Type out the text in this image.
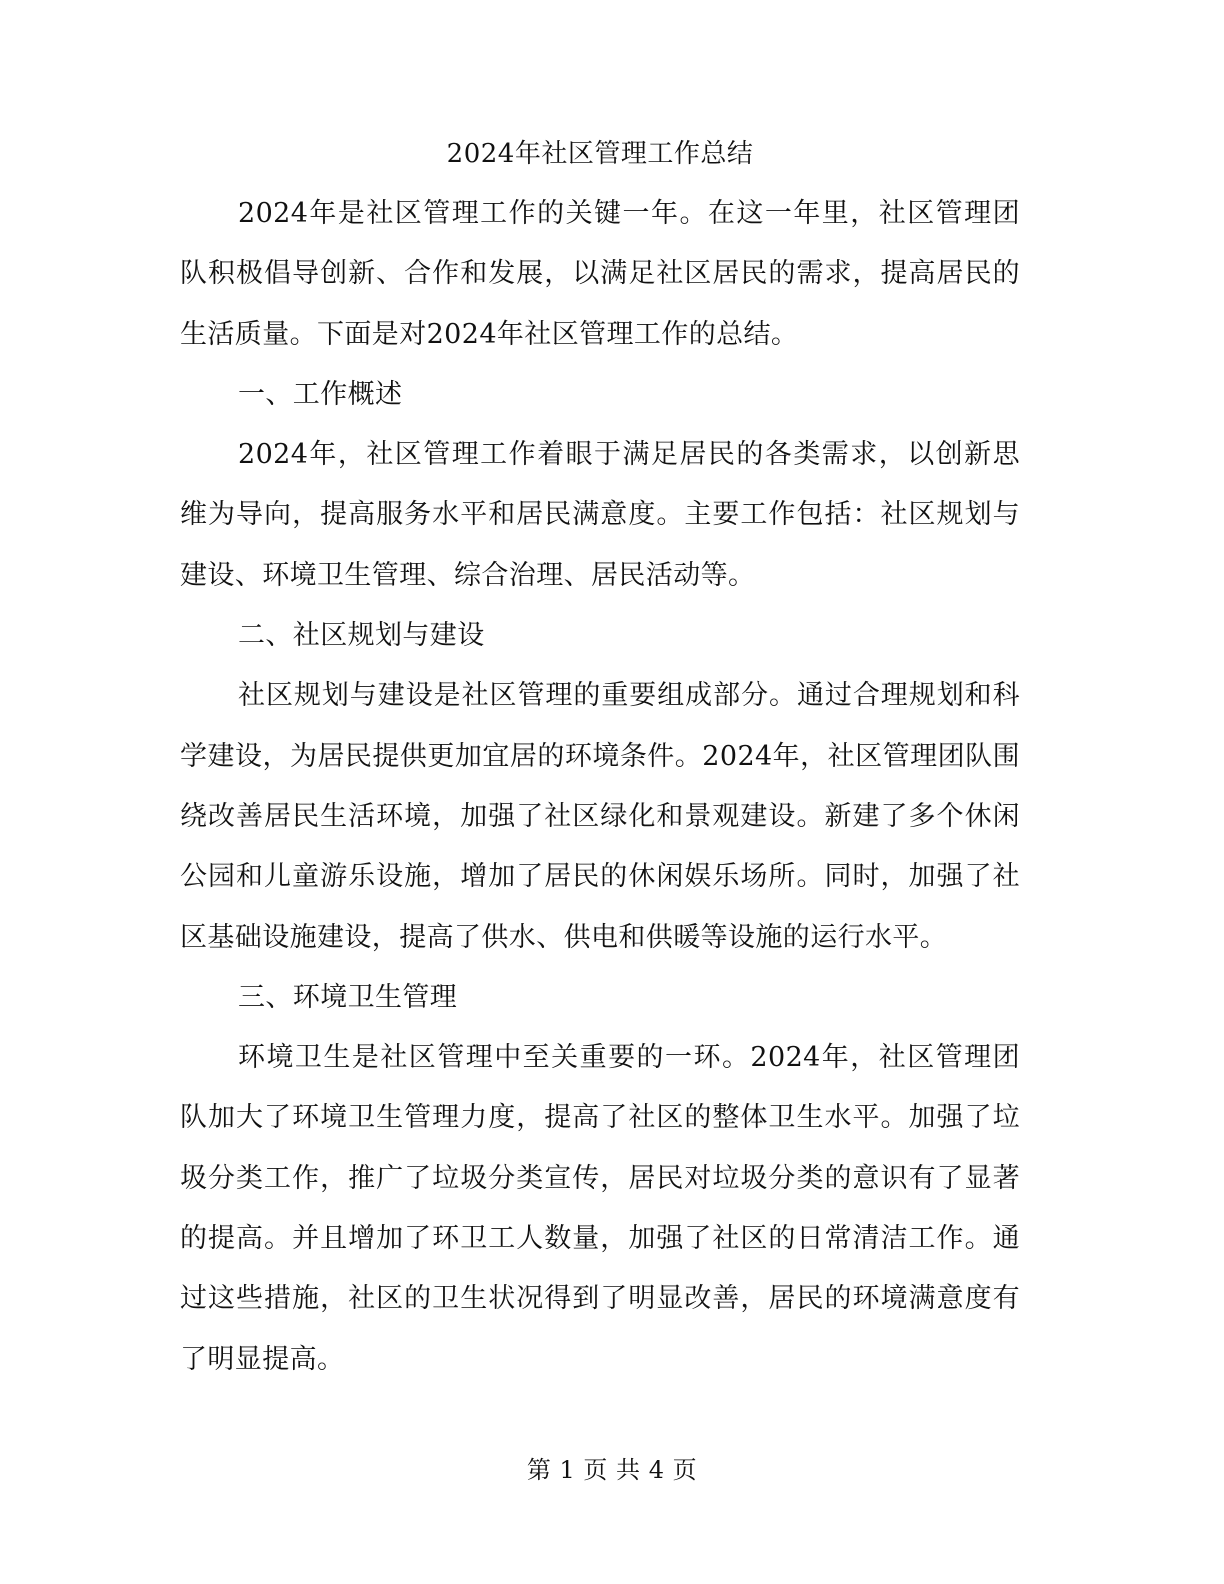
2024年社区管理工作总结

2024年是社区管理工作的关键一年。在这一年里，社区管理团队积极倡导创新、合作和发展，以满足社区居民的需求，提高居民的生活质量。下面是对2024年社区管理工作的总结。

一、工作概述

2024年，社区管理工作着眼于满足居民的各类需求，以创新思维为导向，提高服务水平和居民满意度。主要工作包括：社区规划与建设、环境卫生管理、综合治理、居民活动等。

二、社区规划与建设

社区规划与建设是社区管理的重要组成部分。通过合理规划和科学建设，为居民提供更加宜居的环境条件。2024年，社区管理团队围绕改善居民生活环境，加强了社区绿化和景观建设。新建了多个休闲公园和儿童游乐设施，增加了居民的休闲娱乐场所。同时，加强了社区基础设施建设，提高了供水、供电和供暖等设施的运行水平。

三、环境卫生管理

环境卫生是社区管理中至关重要的一环。2024年，社区管理团队加大了环境卫生管理力度，提高了社区的整体卫生水平。加强了垃圾分类工作，推广了垃圾分类宣传，居民对垃圾分类的意识有了显著的提高。并且增加了环卫工人数量，加强了社区的日常清洁工作。通过这些措施，社区的卫生状况得到了明显改善，居民的环境满意度有了明显提高。

第 1 页 共 4 页
